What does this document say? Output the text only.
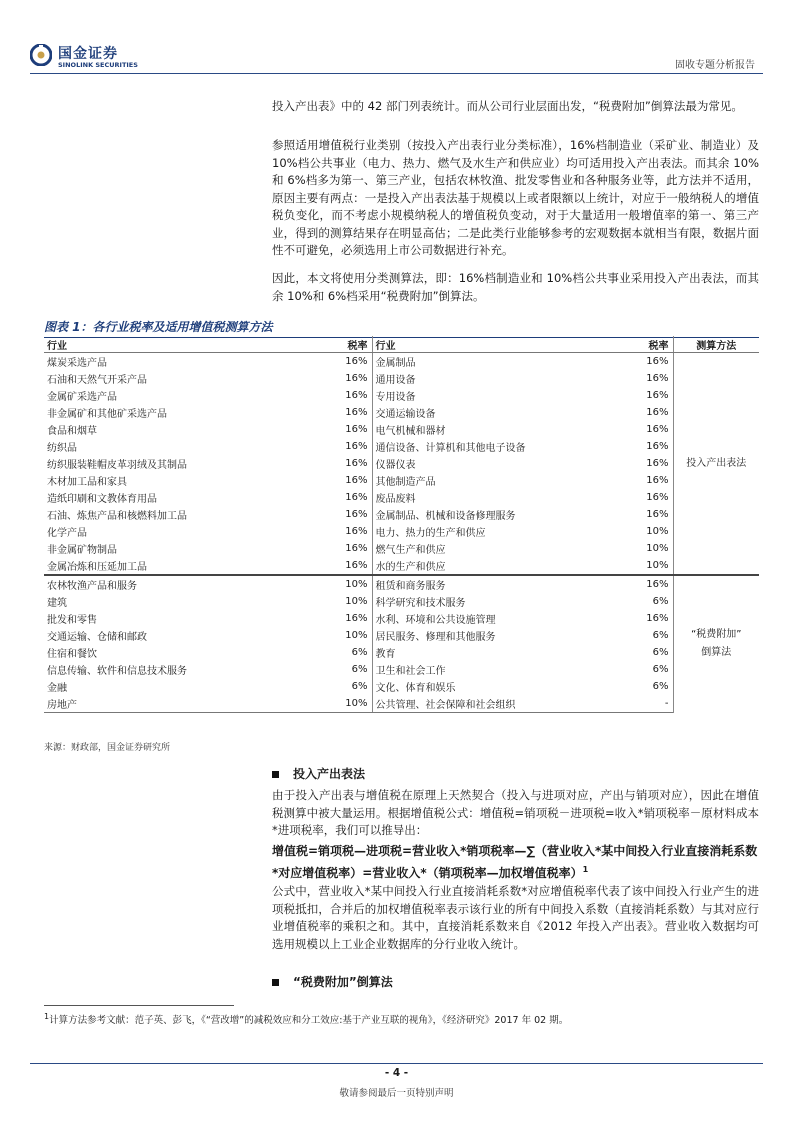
国金证券
SINOLINK SECURITIES	固收专题分析报告
投入产出表》中的 42 部门列表统计。而从公司行业层面出发，“税费附加”倒算法最为常见。
参照适用增值税行业类别（按投入产出表行业分类标准），16%档制造业（采矿业、制造业）及 10%档公共事业（电力、热力、燃气及水生产和供应业）均可适用投入产出表法。而其余 10%和 6%档多为第一、第三产业，包括农林牧渔、批发零售业和各种服务业等，此方法并不适用，原因主要有两点：一是投入产出表法基于规模以上或者限额以上统计，对应于一般纳税人的增值税负变化，而不考虑小规模纳税人的增值税负变动，对于大量适用一般增值率的第一、第三产业，得到的测算结果存在明显高估；二是此类行业能够参考的宏观数据本就相当有限，数据片面性不可避免，必须选用上市公司数据进行补充。
因此，本文将使用分类测算法，即：16%档制造业和 10%档公共事业采用投入产出表法，而其余 10%和 6%档采用“税费附加”倒算法。
图表 1：各行业税率及适用增值税测算方法
行业	税率	行业	税率	测算方法
煤炭采选产品	16%	金属制品	16%	投入产出表法

石油和天然气开采产品	16%	通用设备	16%	
金属矿采选产品	16%	专用设备	16%	
非金属矿和其他矿采选产品	16%	交通运输设备	16%	
食品和烟草	16%	电气机械和器材	16%	
纺织品	16%	通信设备、计算机和其他电子设备	16%	
纺织服装鞋帽皮革羽绒及其制品	16%	仪器仪表	16%	
木材加工品和家具	16%	其他制造产品	16%	
造纸印刷和文教体育用品	16%	废品废料	16%	
石油、炼焦产品和核燃料加工品	16%	金属制品、机械和设备修理服务	16%	
化学产品	16%	电力、热力的生产和供应	10%	
非金属矿物制品	16%	燃气生产和供应	10%	
金属冶炼和压延加工品	16%	水的生产和供应	10%	
农林牧渔产品和服务	10%	租赁和商务服务	16%	“税费附加”
倒算法

建筑	10%	科学研究和技术服务	6%	
批发和零售	16%	水利、环境和公共设施管理	16%	
交通运输、仓储和邮政	10%	居民服务、修理和其他服务	6%	
住宿和餐饮	6%	教育	6%	
信息传输、软件和信息技术服务	6%	卫生和社会工作	6%	
金融	6%	文化、体育和娱乐	6%	
房地产	10%	公共管理、社会保障和社会组织	-	
来源：财政部，国金证券研究所
投入产出表法
由于投入产出表与增值税在原理上天然契合（投入与进项对应，产出与销项对应），因此在增值税测算中被大量运用。根据增值税公式：增值税=销项税－进项税=收入*销项税率－原材料成本*进项税率，我们可以推导出：
增值税=销项税—进项税=营业收入*销项税率—∑（营业收入*某中间投入行业直接消耗系数*对应增值税率）=营业收入*（销项税率—加权增值税率）$^1$
公式中，营业收入*某中间投入行业直接消耗系数*对应增值税率代表了该中间投入行业产生的进项税抵扣，合并后的加权增值税率表示该行业的所有中间投入系数（直接消耗系数）与其对应行业增值税率的乘积之和。其中，直接消耗系数来自《2012 年投入产出表》。营业收入数据均可选用规模以上工业企业数据库的分行业收入统计。
“税费附加”倒算法
$^1$计算方法参考文献：范子英、彭飞，《“营改增”的减税效应和分工效应:基于产业互联的视角》，《经济研究》2017 年 02 期。
- 4 -
敬请参阅最后一页特别声明
